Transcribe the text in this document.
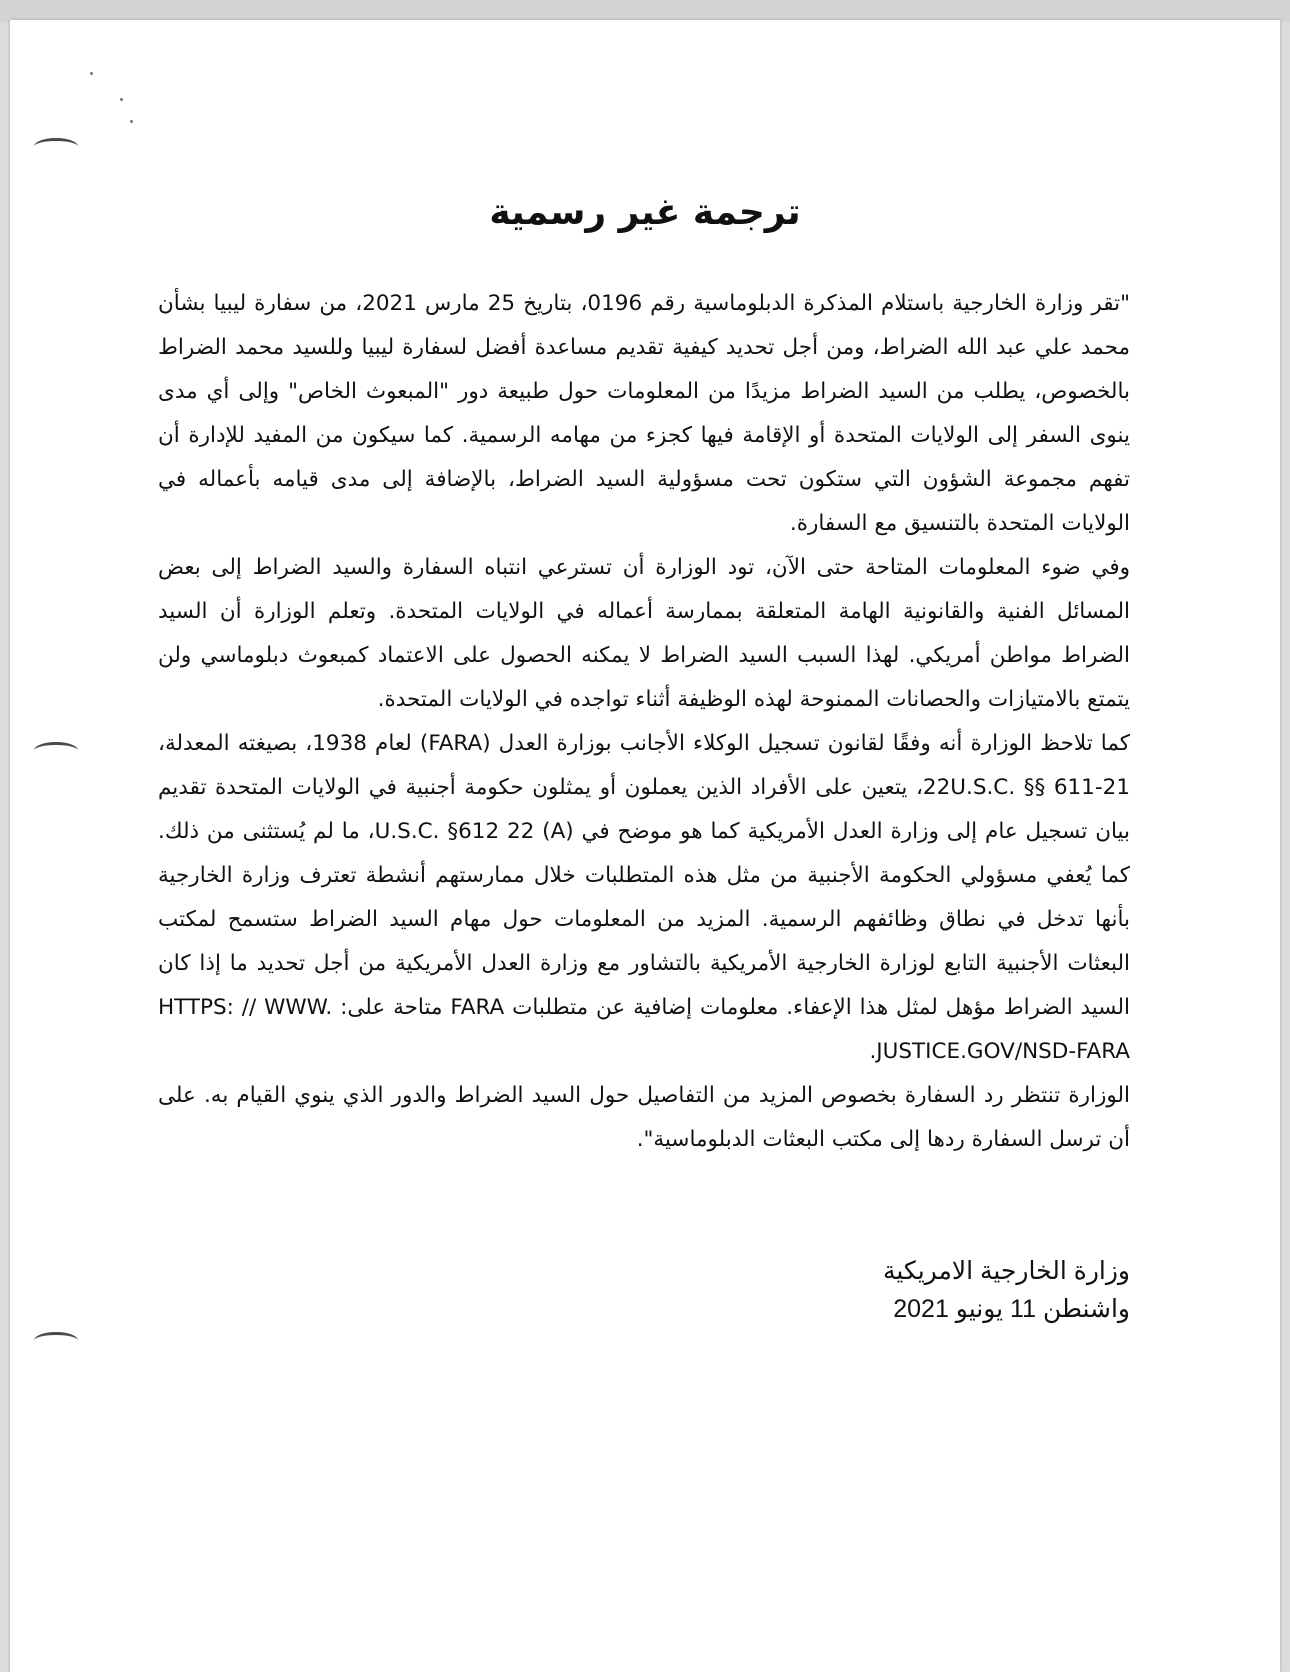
ترجمة غير رسمية

"تقر وزارة الخارجية باستلام المذكرة الدبلوماسية رقم 0196، بتاريخ 25 مارس 2021، من سفارة ليبيا بشأن محمد علي عبد الله الضراط، ومن أجل تحديد كيفية تقديم مساعدة أفضل لسفارة ليبيا وللسيد محمد الضراط بالخصوص، يطلب من السيد الضراط مزيدًا من المعلومات حول طبيعة دور "المبعوث الخاص" وإلى أي مدى ينوى السفر إلى الولايات المتحدة أو الإقامة فيها كجزء من مهامه الرسمية. كما سيكون من المفيد للإدارة أن تفهم مجموعة الشؤون التي ستكون تحت مسؤولية السيد الضراط، بالإضافة إلى مدى قيامه بأعماله في الولايات المتحدة بالتنسيق مع السفارة.

وفي ضوء المعلومات المتاحة حتى الآن، تود الوزارة أن تسترعي انتباه السفارة والسيد الضراط إلى بعض المسائل الفنية والقانونية الهامة المتعلقة بممارسة أعماله في الولايات المتحدة. وتعلم الوزارة أن السيد الضراط مواطن أمريكي. لهذا السبب السيد الضراط لا يمكنه الحصول على الاعتماد كمبعوث دبلوماسي ولن يتمتع بالامتيازات والحصانات الممنوحة لهذه الوظيفة أثناء تواجده في الولايات المتحدة.

كما تلاحظ الوزارة أنه وفقًا لقانون تسجيل الوكلاء الأجانب بوزارة العدل (FARA) لعام 1938، بصيغته المعدلة، 21-611 §§ .22U.S.C، يتعين على الأفراد الذين يعملون أو يمثلون حكومة أجنبية في الولايات المتحدة تقديم بيان تسجيل عام إلى وزارة العدل الأمريكية كما هو موضح في U.S.C. §612 22 (A)، ما لم يُستثنى من ذلك. كما يُعفي مسؤولي الحكومة الأجنبية من مثل هذه المتطلبات خلال ممارستهم أنشطة تعترف وزارة الخارجية بأنها تدخل في نطاق وظائفهم الرسمية. المزيد من المعلومات حول مهام السيد الضراط ستسمح لمكتب البعثات الأجنبية التابع لوزارة الخارجية الأمريكية بالتشاور مع وزارة العدل الأمريكية من أجل تحديد ما إذا كان السيد الضراط مؤهل لمثل هذا الإعفاء. معلومات إضافية عن متطلبات FARA متاحة على: HTTPS: // WWW. JUSTICE.GOV/NSD-FARA.

الوزارة تنتظر رد السفارة بخصوص المزيد من التفاصيل حول السيد الضراط والدور الذي ينوي القيام به. على أن ترسل السفارة ردها إلى مكتب البعثات الدبلوماسية".

وزارة الخارجية الامريكية
واشنطن 11 يونيو 2021
